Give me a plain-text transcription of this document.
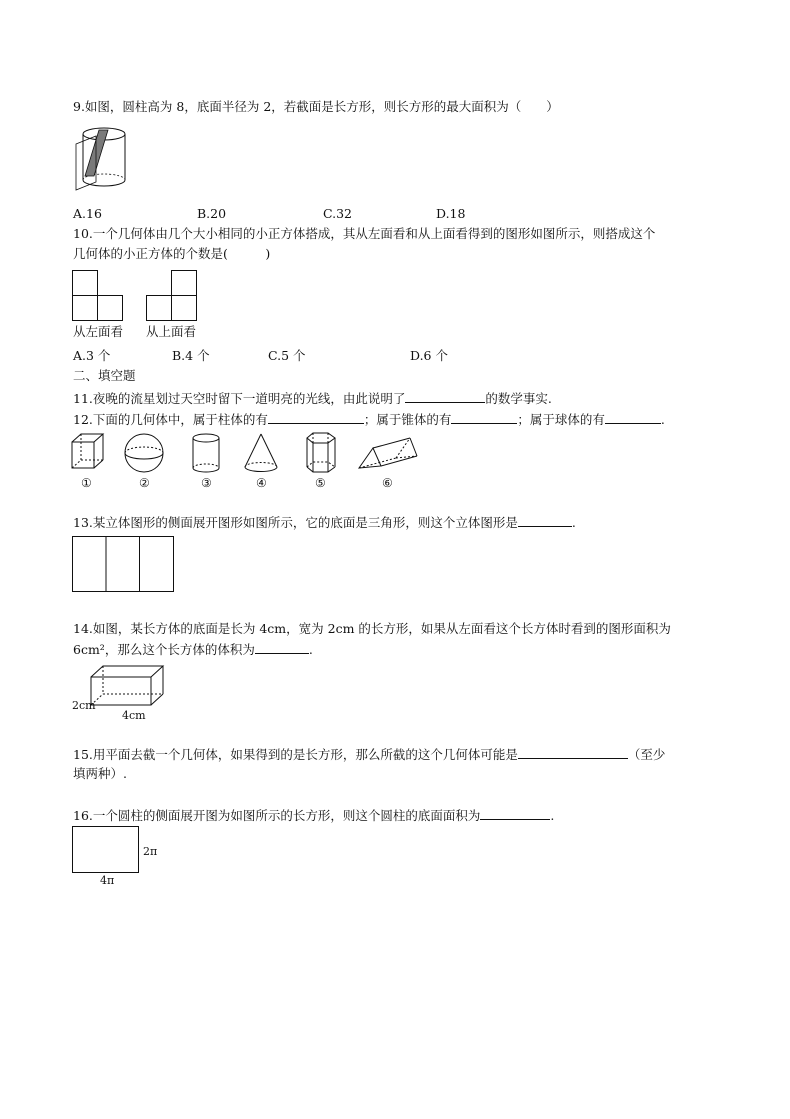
9.如图，圆柱高为 8，底面半径为 2，若截面是长方形，则长方形的最大面积为（　　）
A.16	B.20	C.32	D.18
10.一个几何体由几个大小相同的小正方体搭成，其从左面看和从上面看得到的图形如图所示，则搭成这个
几何体的小正方体的个数是(　　　)
从左面看 从上面看
A.3 个	B.4 个	C.5 个	D.6 个
二、填空题
11.夜晚的流星划过天空时留下一道明亮的光线，由此说明了	的数学事实.
12.下面的几何体中，属于柱体的有	；属于锥体的有	；属于球体的有	.
①	②	③	④	⑤	⑥
13.某立体图形的侧面展开图形如图所示，它的底面是三角形，则这个立体图形是	.
14.如图，某长方体的底面是长为 4cm，宽为 2cm 的长方形，如果从左面看这个长方体时看到的图形面积为
6cm²，那么这个长方体的体积为	.
2cm
4cm
15.用平面去截一个几何体，如果得到的是长方形，那么所截的这个几何体可能是	（至少
填两种）.
16.一个圆柱的侧面展开图为如图所示的长方形，则这个圆柱的底面面积为	.
2π
4π
